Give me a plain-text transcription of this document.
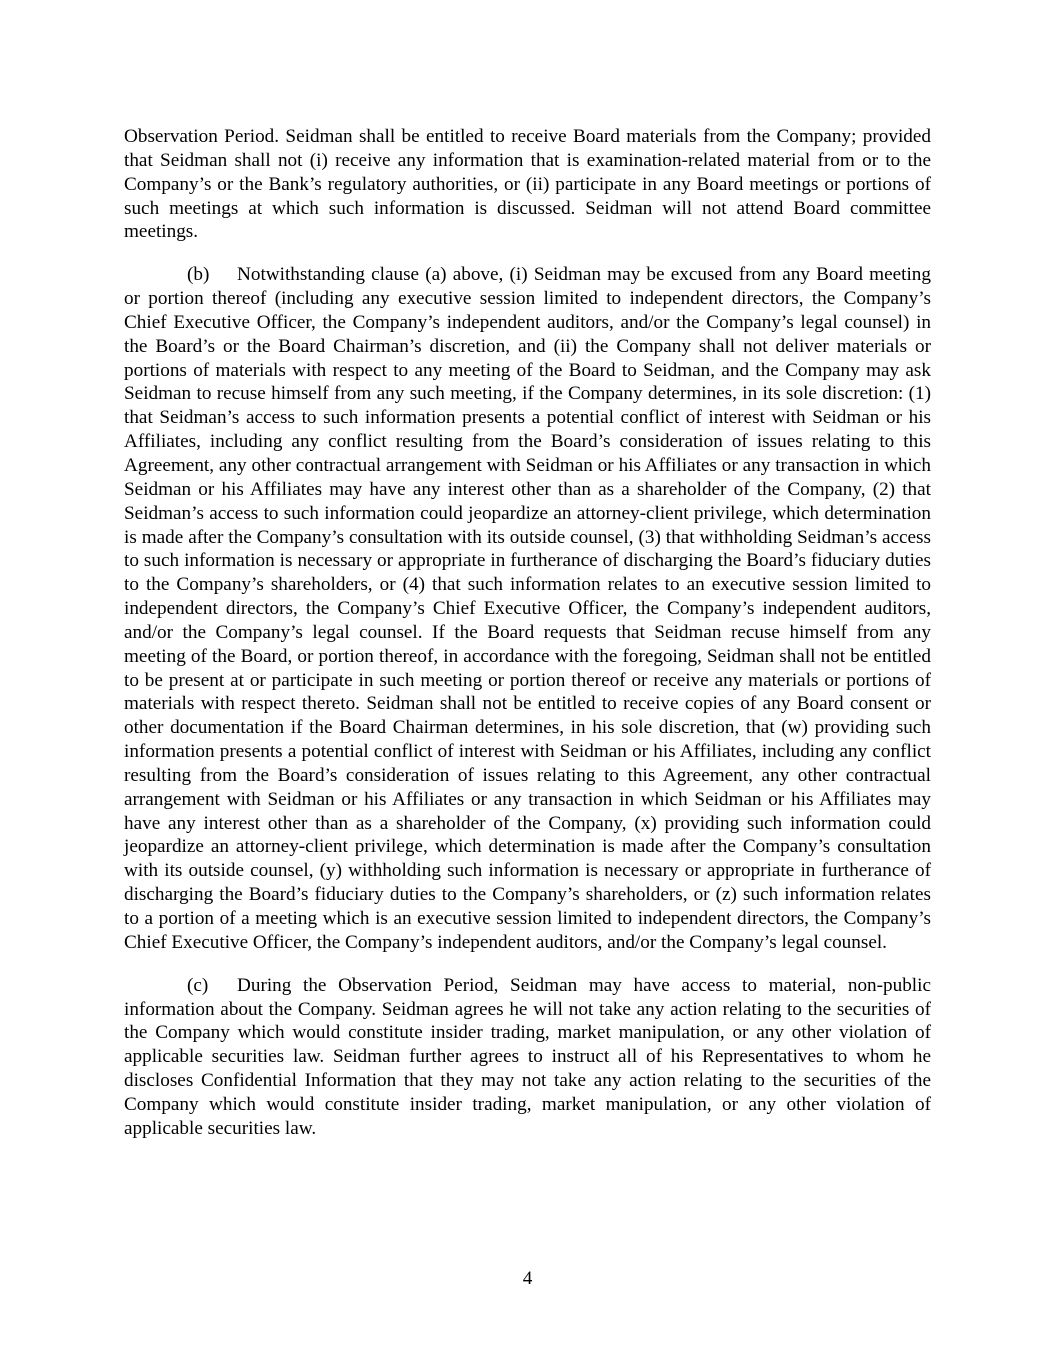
Observation Period. Seidman shall be entitled to receive Board materials from the Company; provided that Seidman shall not (i) receive any information that is examination-related material from or to the Company’s or the Bank’s regulatory authorities, or (ii) participate in any Board meetings or portions of such meetings at which such information is discussed. Seidman will not attend Board committee meetings.

(b) Notwithstanding clause (a) above, (i) Seidman may be excused from any Board meeting or portion thereof (including any executive session limited to independent directors, the Company’s Chief Executive Officer, the Company’s independent auditors, and/or the Company’s legal counsel) in the Board’s or the Board Chairman’s discretion, and (ii) the Company shall not deliver materials or portions of materials with respect to any meeting of the Board to Seidman, and the Company may ask Seidman to recuse himself from any such meeting, if the Company determines, in its sole discretion: (1) that Seidman’s access to such information presents a potential conflict of interest with Seidman or his Affiliates, including any conflict resulting from the Board’s consideration of issues relating to this Agreement, any other contractual arrangement with Seidman or his Affiliates or any transaction in which Seidman or his Affiliates may have any interest other than as a shareholder of the Company, (2) that Seidman’s access to such information could jeopardize an attorney-client privilege, which determination is made after the Company’s consultation with its outside counsel, (3) that withholding Seidman’s access to such information is necessary or appropriate in furtherance of discharging the Board’s fiduciary duties to the Company’s shareholders, or (4) that such information relates to an executive session limited to independent directors, the Company’s Chief Executive Officer, the Company’s independent auditors, and/or the Company’s legal counsel. If the Board requests that Seidman recuse himself from any meeting of the Board, or portion thereof, in accordance with the foregoing, Seidman shall not be entitled to be present at or participate in such meeting or portion thereof or receive any materials or portions of materials with respect thereto. Seidman shall not be entitled to receive copies of any Board consent or other documentation if the Board Chairman determines, in his sole discretion, that (w) providing such information presents a potential conflict of interest with Seidman or his Affiliates, including any conflict resulting from the Board’s consideration of issues relating to this Agreement, any other contractual arrangement with Seidman or his Affiliates or any transaction in which Seidman or his Affiliates may have any interest other than as a shareholder of the Company, (x) providing such information could jeopardize an attorney-client privilege, which determination is made after the Company’s consultation with its outside counsel, (y) withholding such information is necessary or appropriate in furtherance of discharging the Board’s fiduciary duties to the Company’s shareholders, or (z) such information relates to a portion of a meeting which is an executive session limited to independent directors, the Company’s Chief Executive Officer, the Company’s independent auditors, and/or the Company’s legal counsel.

(c) During the Observation Period, Seidman may have access to material, non-public information about the Company. Seidman agrees he will not take any action relating to the securities of the Company which would constitute insider trading, market manipulation, or any other violation of applicable securities law. Seidman further agrees to instruct all of his Representatives to whom he discloses Confidential Information that they may not take any action relating to the securities of the Company which would constitute insider trading, market manipulation, or any other violation of applicable securities law.

4
